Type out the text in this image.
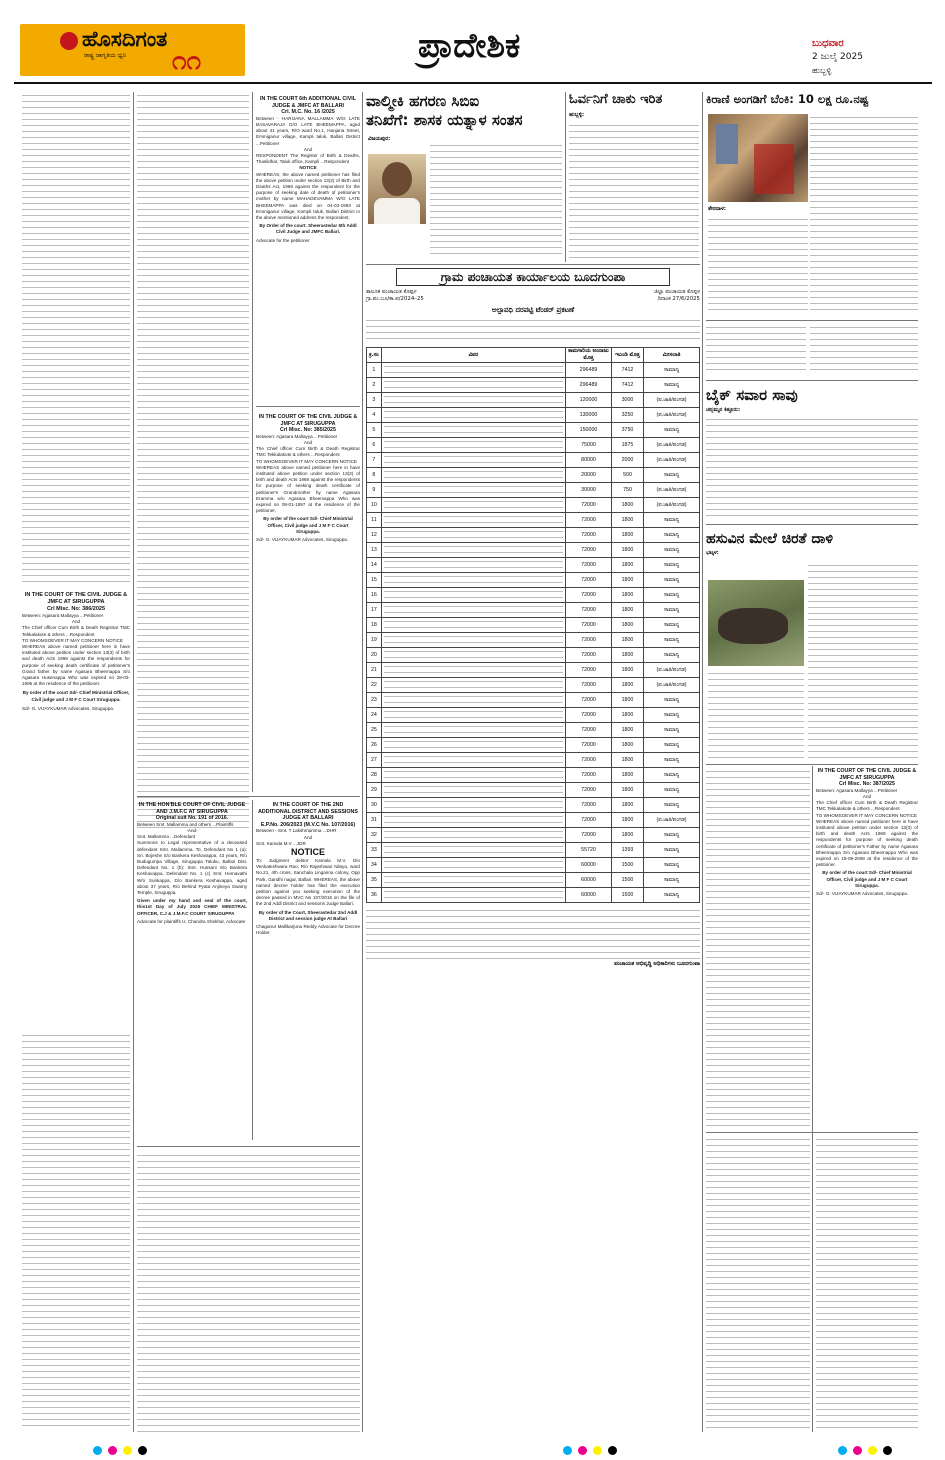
ಹೊಸದಿಗಂತ
ರಾಷ್ಟ್ರ ಜಾಗೃತಿಯ ಧ್ವನಿ ೧೧	ಪ್ರಾದೇಶಿಕ	ಬುಧವಾರ
2 ಜುಲೈ 2025
ಹುಬ್ಬಳ್ಳಿ
IN THE COURT OF THE CIVIL JUDGE & JMFC AT SIRUGUPPA
Crl Misc. No: 386/2025
Between: Agasara Mallayya ...Petitioner
And
The Chief officer Cum Birth & Death Registrar TMC Tekkalakote & others ...Respondent
TO WHOMSOEVER IT MAY CONCERN NOTICE
WHEREAS above named petitioner here in have instituted above petition under section 13(3) of birth and death Acts 1969 against the respondents for purpose of seeking death certificate of petitioner's Grand father by name Agasara Bheemappa S/o Agasara Husenappa Who was expired on 28-03-1995 at the residence of the petitioner.
By order of the court Sd/- Chief Ministrial Officer, Civil judge and J M F C Court Siruguppa.
Sd/- G. VIJAYKUMAR Advocates, Siruguppa.
IN THE COURT 6th ADDITIONAL CIVIL JUDGE & JMFC AT BALLARI
Crl. M.C. No. 16 /2025
Between - HARIJANA MALLAMMA W/O LATE BASAVARAJA D/O LATE BHEEMAPPA, aged about 41 years, R/O ward No.1, Hanjana Street, Emmiganur village, Kampli taluk, Ballari District ...Petitioner
And
RESPONDENT The Register of Birth & Deaths, Thasildhar, Taluk office, Kampli ...Respondent
NOTICE
WHEREAS, the above named petitioner has filed the above petition under section 13(2) of Birth and Deaths Act, 1969 against the respondent for the purpose of seeking date of death of petitioner's mother by name MAHADEVAMMA W/O LATE BHEEMAPPA was died on 04-03-1993 at Emmiganur village, Kampli taluk, Ballari District in the above mentioned address the respondent.
By Order of the court. Sheerastedar 6th Addl Civil Judge and JMFC Ballari.
Advocate for the petitioner
IN THE COURT OF THE CIVIL JUDGE & JMFC AT SIRUGUPPA
Crl Misc. No: 385/2025
Between: Agasara Mallayya ...Petitioner
And
The Chief officer Cum Birth & Death Registrar TMC Tekkalakote & others ...Respondent
TO WHOMSOEVER IT MAY CONCERN NOTICE
WHEREAS above named petitioner here in have instituted above petition under section 13(3) of birth and death Acts 1969 against the respondents for purpose of seeking death certificate of petitioner's Grandmother by name Agasara Eramma w/o Agasara Bheemappa Who was expired on 08-01-1997 at the residence of the petitioner.
By order of the court Sd/- Chief Ministrial Officer, Civil judge and J M F C Court Siruguppa.
Sd/- G. VIJAYKUMAR Advocates, Siruguppa.
IN THE HON'BLE COURT OF CIVIL JUDGE AND J.M.F.C AT SIRUGUPPA
Original suit No. 191 of 2016.
Between Smt. Mallamma and others ...Plaintiffs
-And-
Smt. Mallamma ...Defendant
Summons to Legal representative of a deceased defendant Smt. Mallamma. To, Defendant No 1 (a): Sri. Bojeshe S/o Bankera Keshavappa, 43 years, R/o Budugumpa Village, Siruguppa Taluku, Ballari Dist. Defendant No. 1 (b): Smt. Hussani S/o Bankera Keshavappa. Defendant No. 1 (c) Smt. Hemavathi W/o Sunkappa, D/o Bankera Keshavappa, aged about 37 years, R/o Behind Pyata Anjineya Swamy Temple, Siruguppa.
Given under my hand and seal of the court, this1st Day of July 2025 CHIEF MINISTRAL OFFICER, C.J & J.M.F.C COURT SIRUGUPPA
Advocate for plaintiffs U. Chandra Shekhar, Advocate
IN THE COURT OF THE 2ND ADDITIONAL DISTRICT AND SESSIONS JUDGE AT BALLARI
E.P.No. 206/2023 (M.V.C No. 107/2016)
Between - Smt. T Lakshmamma ...DHR
And
Smt. Kamala M.V ...JDR
NOTICE
To: Judgment debtor Kamala M.V. D/o Venkateshwara Rao, R/o Rajeshwari Nilaya, ward No.21, 4th cross, Sanchala Linganna colony, Opp Park, Gandhi nagar, Ballari. WHEREAS, the above named decree holder has filed the execution petition against you seeking execution of the decree passed in MVC No 107/2016 on the file of the 2nd Addl District and sessions Judge Ballari.
By order of the Court, Sheerastedar 2nd Addl District and session judge At Ballari
Chaganur Mallikarjuna Reddy Advocate for Decree Holder.
ವಾಲ್ಮೀಕಿ ಹಗರಣ ಸಿಬಿಐ
ತನಿಖೆಗೆ: ಶಾಸಕ ಯತ್ನಾಳ ಸಂತಸ
ವಿಜಯಪುರ:
ಓರ್ವನಿಗೆ ಚಾಕು ಇರಿತ
ಹುಬ್ಬಳ್ಳಿ:
ಗ್ರಾಮ ಪಂಚಾಯತ ಕಾರ್ಯಾಲಯ ಬೂದಗುಂಪಾ
ತಾಲೂಕ ಪಂಚಾಯತ ಕೊಪ್ಪಳ	ಜಿಲ್ಲಾ ಪಂಚಾಯತ ಕೊಪ್ಪಳ
ಗ್ರಾ.ಪಂ.ಬೂ/ಕಾ.ಪ/2024–25	ದಿನಾಂಕ 27/6/2025
ಅಲ್ಪಾವಧಿ ದರಪಟ್ಟಿ ಟೆಂಡರ್ ಪ್ರಕಟಣೆ
ಕ್ರ.ಸಂ	ವಿವರ	ಕಾಮಗಾರಿಯ ಅಂದಾಜು ಮೊತ್ತ	ಇಎಂಡಿ ಮೊತ್ತ	ಮೀಸಲಾತಿ
1		296489	7412	ಸಾಮಾನ್ಯ
2		296489	7412	ಸಾಮಾನ್ಯ
3		120000	3000	(ಪ.ಜಾತಿ/ಪಂಗಡ)
4		130000	3250	(ಪ.ಜಾತಿ/ಪಂಗಡ)
5		150000	3750	ಸಾಮಾನ್ಯ
6		75000	1875	(ಪ.ಜಾತಿ/ಪಂಗಡ)
7		80000	2000	(ಪ.ಜಾತಿ/ಪಂಗಡ)
8		20000	500	ಸಾಮಾನ್ಯ
9		30000	750	(ಪ.ಜಾತಿ/ಪಂಗಡ)
10		72000	1800	(ಪ.ಜಾತಿ/ಪಂಗಡ)
11		72000	1800	ಸಾಮಾನ್ಯ
12		72000	1800	ಸಾಮಾನ್ಯ
13		72000	1800	ಸಾಮಾನ್ಯ
14		72000	1800	ಸಾಮಾನ್ಯ
15		72000	1800	ಸಾಮಾನ್ಯ
16		72000	1800	ಸಾಮಾನ್ಯ
17		72000	1800	ಸಾಮಾನ್ಯ
18		72000	1800	ಸಾಮಾನ್ಯ
19		72000	1800	ಸಾಮಾನ್ಯ
20		72000	1800	ಸಾಮಾನ್ಯ
21		72000	1800	(ಪ.ಜಾತಿ/ಪಂಗಡ)
22		72000	1800	(ಪ.ಜಾತಿ/ಪಂಗಡ)
23		72000	1800	ಸಾಮಾನ್ಯ
24		72000	1800	ಸಾಮಾನ್ಯ
25		72000	1800	ಸಾಮಾನ್ಯ
26		72000	1800	ಸಾಮಾನ್ಯ
27		72000	1800	ಸಾಮಾನ್ಯ
28		72000	1800	ಸಾಮಾನ್ಯ
29		72000	1800	ಸಾಮಾನ್ಯ
30		72000	1800	ಸಾಮಾನ್ಯ
31		72000	1800	(ಪ.ಜಾತಿ/ಪಂಗಡ)
32		72000	1800	ಸಾಮಾನ್ಯ
33		55720	1393	ಸಾಮಾನ್ಯ
34		60000	1500	ಸಾಮಾನ್ಯ
35		60000	1500	ಸಾಮಾನ್ಯ
36		60000	1500	ಸಾಮಾನ್ಯ
ಪಂಚಾಯತ ಅಭಿವೃದ್ಧಿ ಅಧಿಕಾರಿಗಳು ಬೂದಗುಂಪಾ
ಕಿರಾಣಿ ಅಂಗಡಿಗೆ ಬೆಂಕಿ: 10 ಲಕ್ಷ ರೂ.ನಷ್ಟ
ತೇರದಾಳ:
ಬೈಕ್ ಸವಾರ ಸಾವು
ಚನ್ನಮ್ಮನ ಕಿತ್ತೂರು:
ಹಸುವಿನ ಮೇಲೆ ಚಿರತೆ ದಾಳಿ
ಭಟ್ಕಳ:
IN THE COURT OF THE CIVIL JUDGE & JMFC AT SIRUGUPPA
Crl Misc. No: 387/2025
Between: Agasara Mallayya ...Petitioner
And
The Chief officer Cum Birth & Death Registrar TMC Tekkalakote & others ...Respondent
TO WHOMSOEVER IT MAY CONCERN NOTICE
WHEREAS above named petitioner here in have instituted above petition under section 13(3) of birth and death Acts 1969 against the respondents for purpose of seeking death certificate of petitioner's Father by name Agasara Bheemappa S/o Agasara Bheemappa Who was expired on 18-09-2008 at the residence of the petitioner.
By order of the court Sd/- Chief Ministrial Officer, Civil judge and J M F C Court Siruguppa.
Sd/- G. VIJAYKUMAR Advocates, Siruguppa.
